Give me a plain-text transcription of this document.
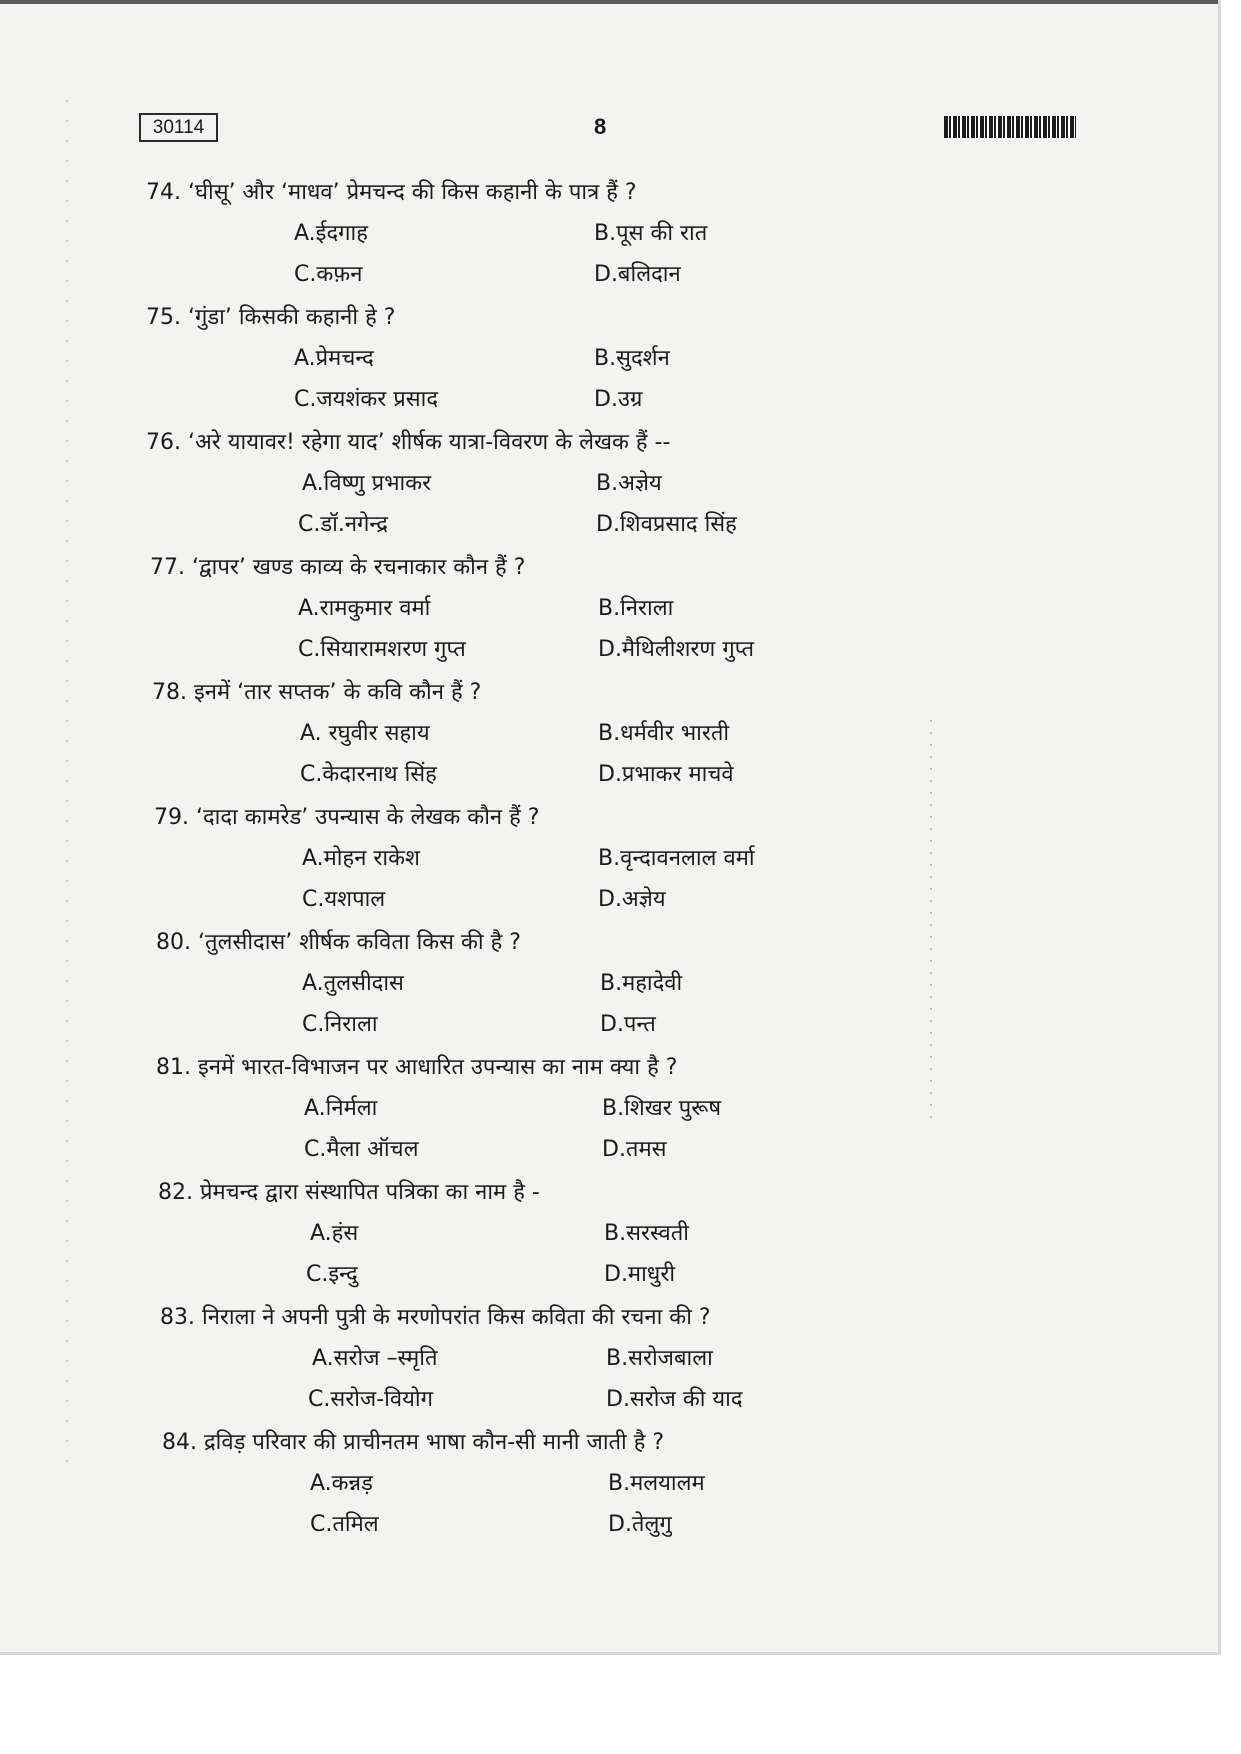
30114	8
74. ‘घीसू’ और ‘माधव’ प्रेमचन्द की किस कहानी के पात्र हैं ?
A.ईदगाह	B.पूस की रात
C.कफ़न	D.बलिदान
75. ‘गुंडा’ किसकी कहानी हे ?
A.प्रेमचन्द	B.सुदर्शन
C.जयशंकर प्रसाद	D.उग्र
76. ‘अरे यायावर! रहेगा याद’ शीर्षक यात्रा-विवरण के लेखक हैं --
A.विष्णु प्रभाकर	B.अज्ञेय
C.डॉ.नगेन्द्र	D.शिवप्रसाद सिंह
77. ‘द्वापर’ खण्ड काव्य के रचनाकार कौन हैं ?
A.रामकुमार वर्मा	B.निराला
C.सियारामशरण गुप्त	D.मैथिलीशरण गुप्त
78. इनमें ‘तार सप्तक’ के कवि कौन हैं ?
A. रघुवीर सहाय	B.धर्मवीर भारती
C.केदारनाथ सिंह	D.प्रभाकर माचवे
79. ‘दादा कामरेड’ उपन्यास के लेखक कौन हैं ?
A.मोहन राकेश	B.वृन्दावनलाल वर्मा
C.यशपाल	D.अज्ञेय
80. ‘तुलसीदास’ शीर्षक कविता किस की है ?
A.तुलसीदास	B.महादेवी
C.निराला	D.पन्त
81. इनमें भारत-विभाजन पर आधारित उपन्यास का नाम क्या है ?
A.निर्मला	B.शिखर पुरूष
C.मैला ऑचल	D.तमस
82. प्रेमचन्द द्वारा संस्थापित पत्रिका का नाम है -
A.हंस	B.सरस्वती
C.इन्दु	D.माधुरी
83. निराला ने अपनी पुत्री के मरणोपरांत किस कविता की रचना की ?
A.सरोज –स्मृति	B.सरोजबाला
C.सरोज-वियोग	D.सरोज की याद
84. द्रविड़ परिवार की प्राचीनतम भाषा कौन-सी मानी जाती है ?
A.कन्नड़	B.मलयालम
C.तमिल	D.तेलुगु
